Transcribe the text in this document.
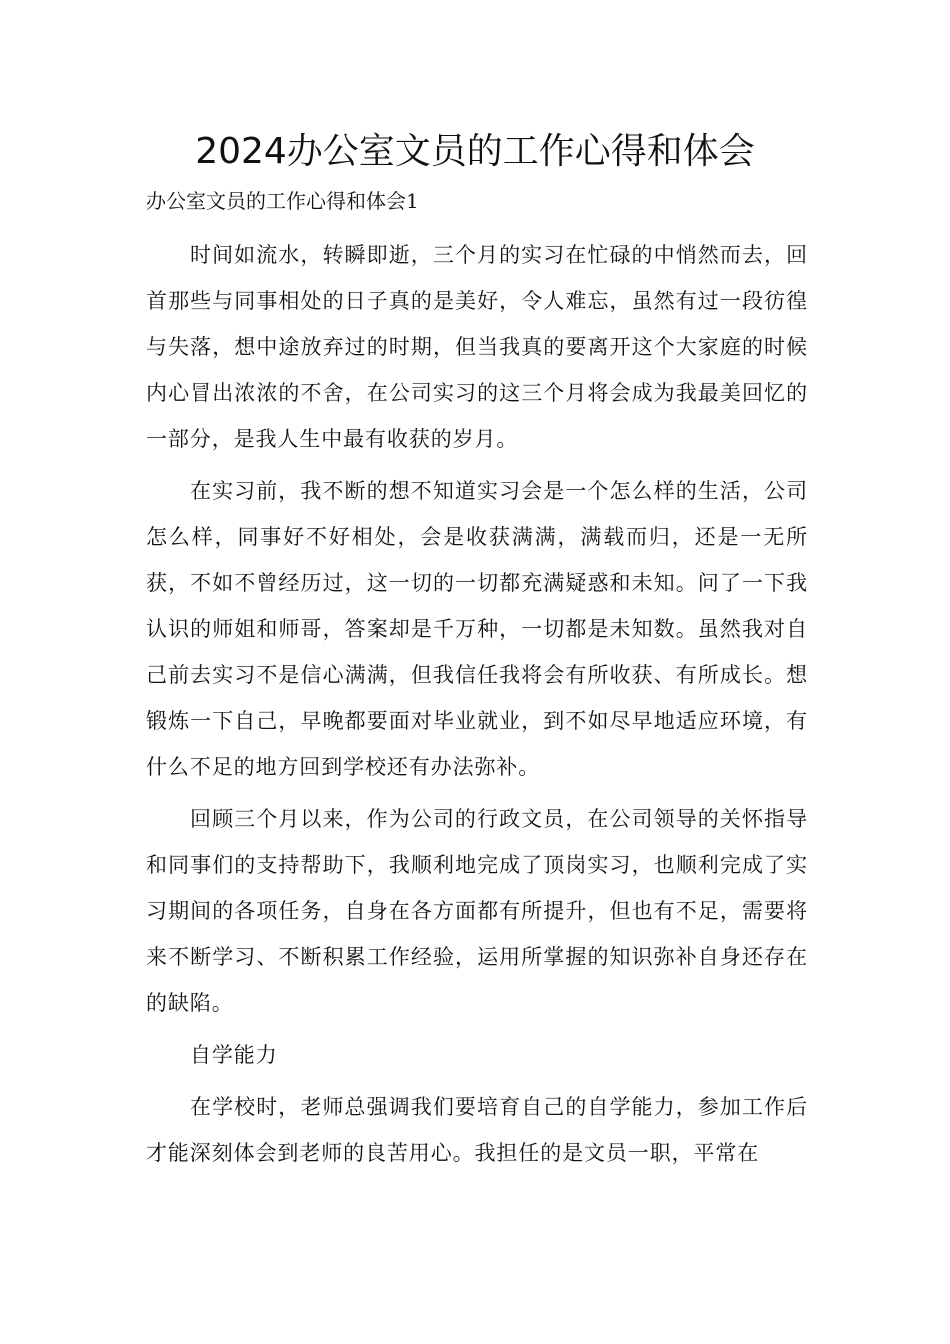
2024办公室文员的工作心得和体会

办公室文员的工作心得和体会1

时间如流水，转瞬即逝，三个月的实习在忙碌的中悄然而去，回首那些与同事相处的日子真的是美好，令人难忘，虽然有过一段彷徨与失落，想中途放弃过的时期，但当我真的要离开这个大家庭的时候内心冒出浓浓的不舍，在公司实习的这三个月将会成为我最美回忆的一部分，是我人生中最有收获的岁月。

在实习前，我不断的想不知道实习会是一个怎么样的生活，公司怎么样，同事好不好相处，会是收获满满，满载而归，还是一无所获，不如不曾经历过，这一切的一切都充满疑惑和未知。问了一下我认识的师姐和师哥，答案却是千万种，一切都是未知数。虽然我对自己前去实习不是信心满满，但我信任我将会有所收获、有所成长。想锻炼一下自己，早晚都要面对毕业就业，到不如尽早地适应环境，有什么不足的地方回到学校还有办法弥补。

回顾三个月以来，作为公司的行政文员，在公司领导的关怀指导和同事们的支持帮助下，我顺利地完成了顶岗实习，也顺利完成了实习期间的各项任务，自身在各方面都有所提升，但也有不足，需要将来不断学习、不断积累工作经验，运用所掌握的知识弥补自身还存在的缺陷。

自学能力

在学校时，老师总强调我们要培育自己的自学能力，参加工作后才能深刻体会到老师的良苦用心。我担任的是文员一职，平常在
